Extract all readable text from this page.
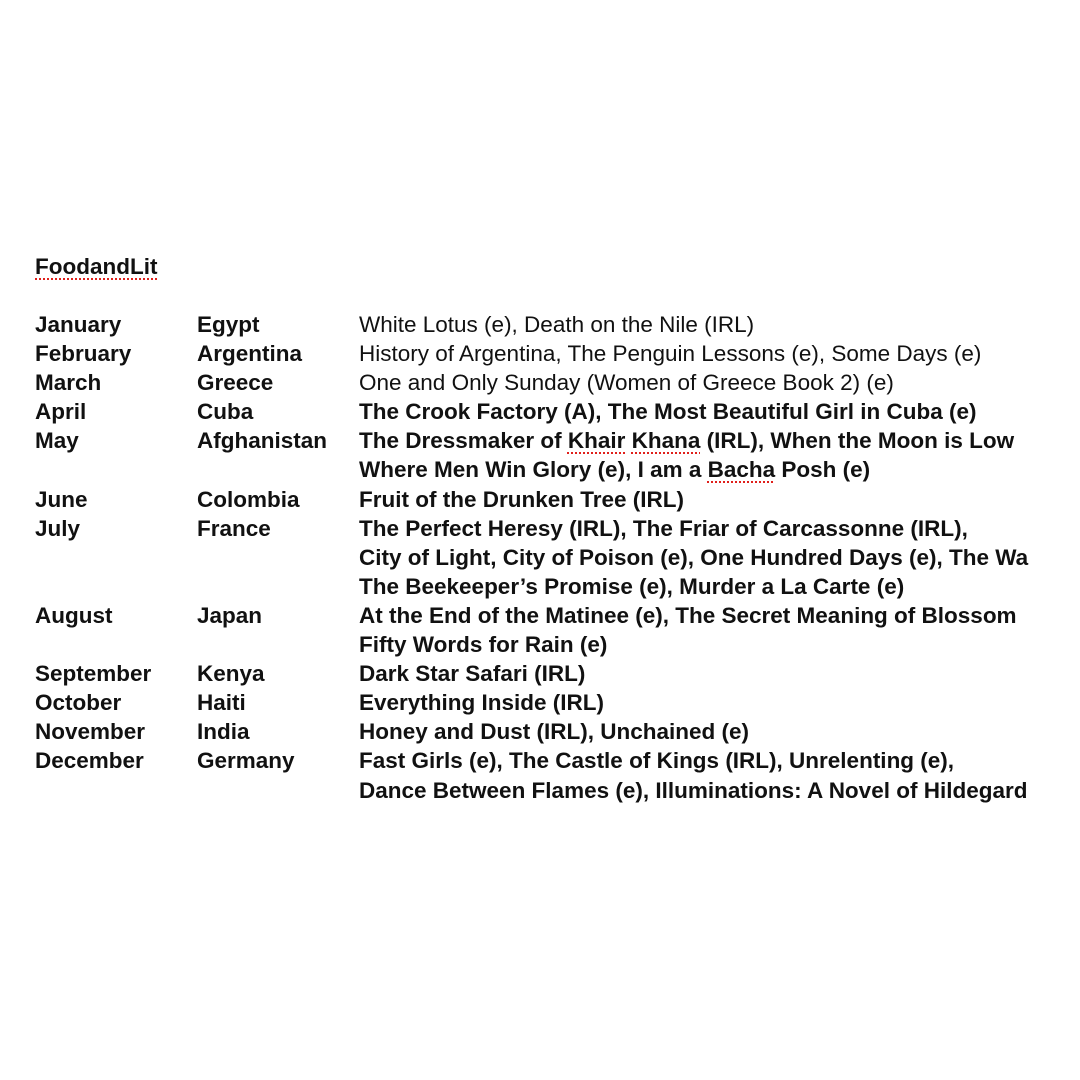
FoodandLit
January	Egypt	White Lotus (e), Death on the Nile (IRL)
February	Argentina	History of Argentina, The Penguin Lessons (e), Some Days (e)
March	Greece	One and Only Sunday (Women of Greece Book 2) (e)
April	Cuba	The Crook Factory (A), The Most Beautiful Girl in Cuba (e)
May	Afghanistan	The Dressmaker of Khair Khana (IRL), When the Moon is Low
Where Men Win Glory (e), I am a Bacha Posh (e)
June	Colombia	Fruit of the Drunken Tree (IRL)
July	France	The Perfect Heresy (IRL), The Friar of Carcassonne (IRL),
City of Light, City of Poison (e), One Hundred Days (e), The Wa
The Beekeeper’s Promise (e), Murder a La Carte (e)
August	Japan	At the End of the Matinee (e), The Secret Meaning of Blossom
Fifty Words for Rain (e)
September	Kenya	Dark Star Safari (IRL)
October	Haiti	Everything Inside (IRL)
November	India	Honey and Dust (IRL), Unchained (e)
December	Germany	Fast Girls (e), The Castle of Kings (IRL), Unrelenting (e),
Dance Between Flames (e), Illuminations: A Novel of Hildegard
